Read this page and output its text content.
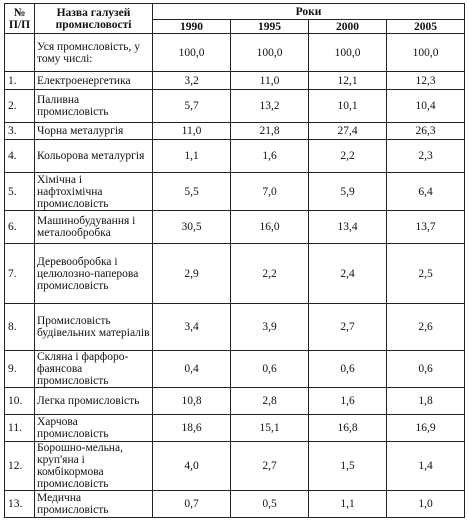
№ П/П	Назва галузей промисловості	Роки			
		1990	1995	2000	2005
	Уся промисловість, у тому числі:	100,0	100,0	100,0	100,0
1.	Електроенергетика	3,2	11,0	12,1	12,3
2.	Паливна промисловість	5,7	13,2	10,1	10,4
3.	Чорна металургія	11,0	21,8	27,4	26,3
4.	Кольорова металургія	1,1	1,6	2,2	2,3
5.	Хімічна і нафтохімічна промисловість	5,5	7,0	5,9	6,4
6.	Машинобудування і металообробка	30,5	16,0	13,4	13,7
7.	Деревообробка і целюлозно-паперова промисловість	2,9	2,2	2,4	2,5
8.	Промисловість будівельних матеріалів	3,4	3,9	2,7	2,6
9.	Скляна і фарфоро-фаянсова промисловість	0,4	0,6	0,6	0,6
10.	Легка промисловість	10,8	2,8	1,6	1,8
11.	Харчова промисловість	18,6	15,1	16,8	16,9
12.	Борошно-мельна, круп'яна і комбікормова промисловість	4,0	2,7	1,5	1,4
13.	Медична промисловість	0,7	0,5	1,1	1,0
